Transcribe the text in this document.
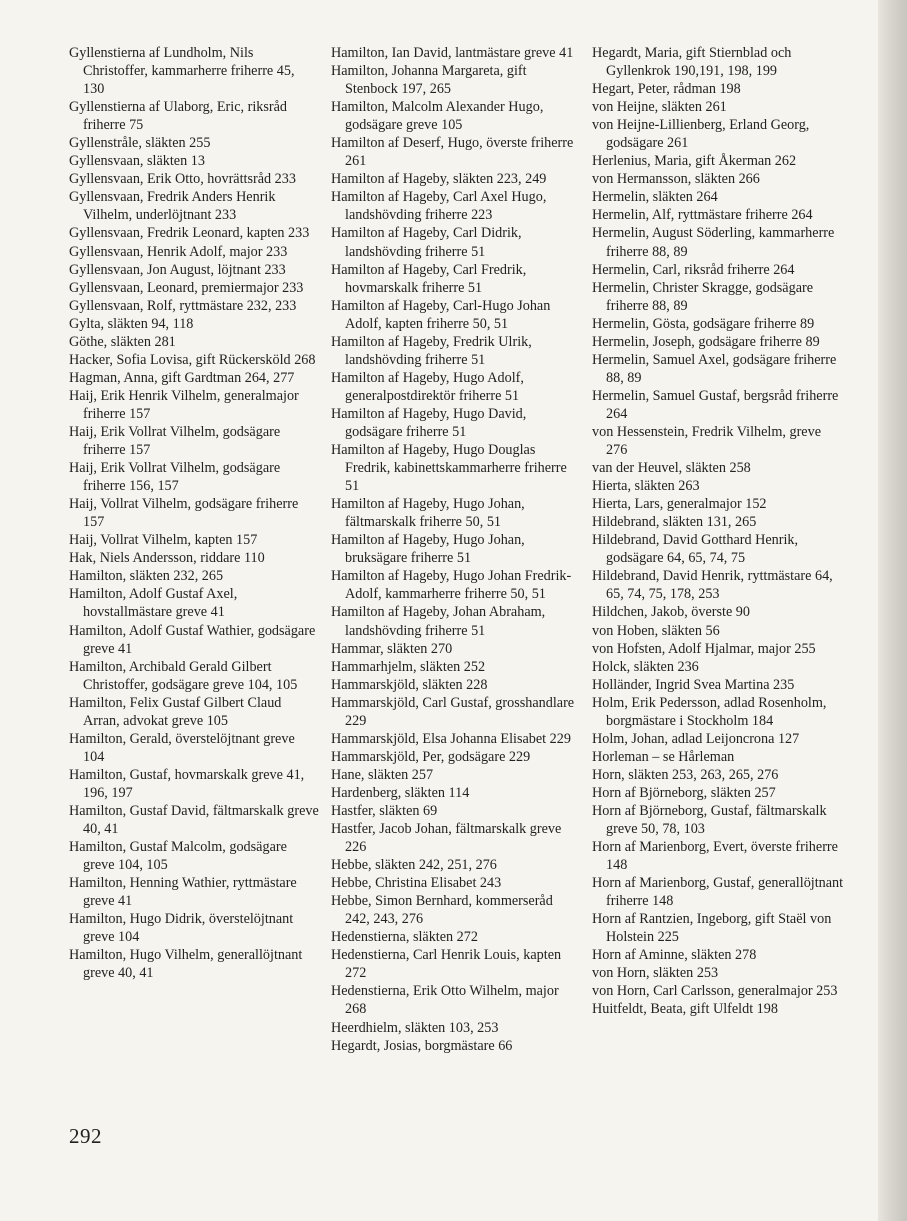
Gyllenstierna af Lundholm, Nils Christoffer, kammarherre friherre 45, 130

Gyllenstierna af Ulaborg, Eric, riksråd friherre 75

Gyllenstråle, släkten 255

Gyllensvaan, släkten 13

Gyllensvaan, Erik Otto, hovrättsråd 233

Gyllensvaan, Fredrik Anders Henrik Vilhelm, underlöjtnant 233

Gyllensvaan, Fredrik Leonard, kapten 233

Gyllensvaan, Henrik Adolf, major 233

Gyllensvaan, Jon August, löjtnant 233

Gyllensvaan, Leonard, premiermajor 233

Gyllensvaan, Rolf, ryttmästare 232, 233

Gylta, släkten 94, 118

Göthe, släkten 281

Hacker, Sofia Lovisa, gift Rückersköld 268

Hagman, Anna, gift Gardtman 264, 277

Haij, Erik Henrik Vilhelm, generalmajor friherre 157

Haij, Erik Vollrat Vilhelm, godsägare friherre 157

Haij, Erik Vollrat Vilhelm, godsägare friherre 156, 157

Haij, Vollrat Vilhelm, godsägare friherre 157

Haij, Vollrat Vilhelm, kapten 157

Hak, Niels Andersson, riddare 110

Hamilton, släkten 232, 265

Hamilton, Adolf Gustaf Axel, hovstallmästare greve 41

Hamilton, Adolf Gustaf Wathier, godsägare greve 41

Hamilton, Archibald Gerald Gilbert Christoffer, godsägare greve 104, 105

Hamilton, Felix Gustaf Gilbert Claud Arran, advokat greve 105

Hamilton, Gerald, överstelöjtnant greve 104

Hamilton, Gustaf, hovmarskalk greve 41, 196, 197

Hamilton, Gustaf David, fältmarskalk greve 40, 41

Hamilton, Gustaf Malcolm, godsägare greve 104, 105

Hamilton, Henning Wathier, ryttmästare greve 41

Hamilton, Hugo Didrik, överstelöjtnant greve 104

Hamilton, Hugo Vilhelm, generallöjtnant greve 40, 41

Hamilton, Ian David, lantmästare greve 41

Hamilton, Johanna Margareta, gift Stenbock 197, 265

Hamilton, Malcolm Alexander Hugo, godsägare greve 105

Hamilton af Deserf, Hugo, överste friherre 261

Hamilton af Hageby, släkten 223, 249

Hamilton af Hageby, Carl Axel Hugo, landshövding friherre 223

Hamilton af Hageby, Carl Didrik, landshövding friherre 51

Hamilton af Hageby, Carl Fredrik, hovmarskalk friherre 51

Hamilton af Hageby, Carl-Hugo Johan Adolf, kapten friherre 50, 51

Hamilton af Hageby, Fredrik Ulrik, landshövding friherre 51

Hamilton af Hageby, Hugo Adolf, generalpostdirektör friherre 51

Hamilton af Hageby, Hugo David, godsägare friherre 51

Hamilton af Hageby, Hugo Douglas Fredrik, kabinettskammarherre friherre 51

Hamilton af Hageby, Hugo Johan, fältmarskalk friherre 50, 51

Hamilton af Hageby, Hugo Johan, bruksägare friherre 51

Hamilton af Hageby, Hugo Johan Fredrik-Adolf, kammarherre friherre 50, 51

Hamilton af Hageby, Johan Abraham, landshövding friherre 51

Hammar, släkten 270

Hammarhjelm, släkten 252

Hammarskjöld, släkten 228

Hammarskjöld, Carl Gustaf, grosshandlare 229

Hammarskjöld, Elsa Johanna Elisabet 229

Hammarskjöld, Per, godsägare 229

Hane, släkten 257

Hardenberg, släkten 114

Hastfer, släkten 69

Hastfer, Jacob Johan, fältmarskalk greve 226

Hebbe, släkten 242, 251, 276

Hebbe, Christina Elisabet 243

Hebbe, Simon Bernhard, kommerseråd 242, 243, 276

Hedenstierna, släkten 272

Hedenstierna, Carl Henrik Louis, kapten 272

Hedenstierna, Erik Otto Wilhelm, major 268

Heerdhielm, släkten 103, 253

Hegardt, Josias, borgmästare 66

Hegardt, Maria, gift Stiernblad och Gyllenkrok 190,191, 198, 199

Hegart, Peter, rådman 198

von Heijne, släkten 261

von Heijne-Lillienberg, Erland Georg, godsägare 261

Herlenius, Maria, gift Åkerman 262

von Hermansson, släkten 266

Hermelin, släkten 264

Hermelin, Alf, ryttmästare friherre 264

Hermelin, August Söderling, kammarherre friherre 88, 89

Hermelin, Carl, riksråd friherre 264

Hermelin, Christer Skragge, godsägare friherre 88, 89

Hermelin, Gösta, godsägare friherre 89

Hermelin, Joseph, godsägare friherre 89

Hermelin, Samuel Axel, godsägare friherre 88, 89

Hermelin, Samuel Gustaf, bergsråd friherre 264

von Hessenstein, Fredrik Vilhelm, greve 276

van der Heuvel, släkten 258

Hierta, släkten 263

Hierta, Lars, generalmajor 152

Hildebrand, släkten 131, 265

Hildebrand, David Gotthard Henrik, godsägare 64, 65, 74, 75

Hildebrand, David Henrik, ryttmästare 64, 65, 74, 75, 178, 253

Hildchen, Jakob, överste 90

von Hoben, släkten 56

von Hofsten, Adolf Hjalmar, major 255

Holck, släkten 236

Holländer, Ingrid Svea Martina 235

Holm, Erik Pedersson, adlad Rosenholm, borgmästare i Stockholm 184

Holm, Johan, adlad Leijoncrona 127

Horleman – se Hårleman

Horn, släkten 253, 263, 265, 276

Horn af Björneborg, släkten 257

Horn af Björneborg, Gustaf, fältmarskalk greve 50, 78, 103

Horn af Marienborg, Evert, överste friherre 148

Horn af Marienborg, Gustaf, generallöjtnant friherre 148

Horn af Rantzien, Ingeborg, gift Staël von Holstein 225

Horn af Aminne, släkten 278

von Horn, släkten 253

von Horn, Carl Carlsson, generalmajor 253

Huitfeldt, Beata, gift Ulfeldt 198

292
